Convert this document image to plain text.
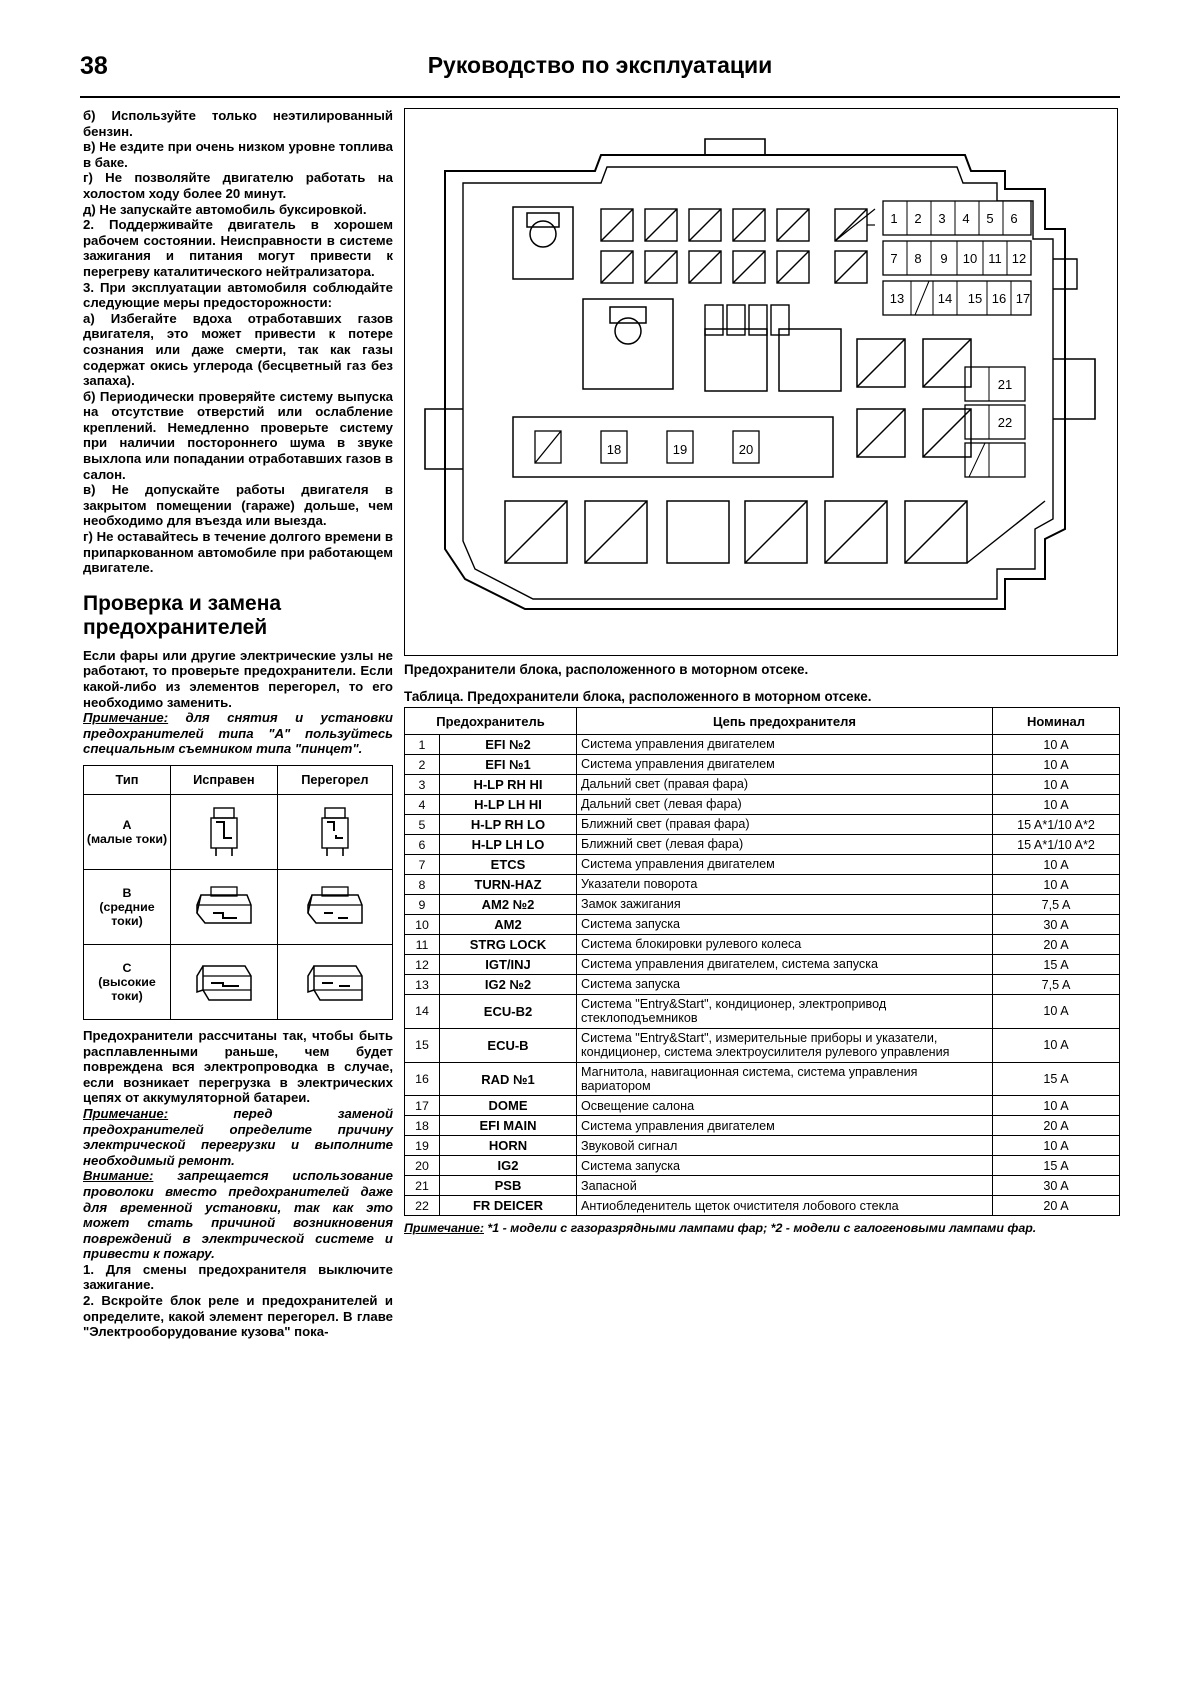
38	Руководство по эксплуатации

б) Используйте только неэтилированный бензин.

в) Не ездите при очень низком уровне топлива в баке.

г) Не позволяйте двигателю работать на холостом ходу более 20 минут.

д) Не запускайте автомобиль буксировкой.

2. Поддерживайте двигатель в хорошем рабочем состоянии. Неисправности в системе зажигания и питания могут привести к перегреву каталитического нейтрализатора.

3. При эксплуатации автомобиля соблюдайте следующие меры предосторожности:

а) Избегайте вдоха отработавших газов двигателя, это может привести к потере сознания или даже смерти, так как газы содержат окись углерода (бесцветный газ без запаха).

б) Периодически проверяйте систему выпуска на отсутствие отверстий или ослабление креплений. Немедленно проверьте систему при наличии постороннего шума в звуке выхлопа или попадании отработавших газов в салон.

в) Не допускайте работы двигателя в закрытом помещении (гараже) дольше, чем необходимо для въезда или выезда.

г) Не оставайтесь в течение долгого времени в припаркованном автомобиле при работающем двигателе.

Проверка и замена предохранителей

Если фары или другие электрические узлы не работают, то проверьте предохранители. Если какой-либо из элементов перегорел, то его необходимо заменить.

Примечание: для снятия и установки предохранителей типа "А" пользуйтесь специальным съемником типа "пинцет".

Тип	Исправен	Перегорел
A
(малые токи)	

B
(средние токи)	

C
(высокие токи)	

Предохранители рассчитаны так, чтобы быть расплавленными раньше, чем будет повреждена вся электропроводка в случае, если возникает перегрузка в электрических цепях от аккумуляторной батареи.

Примечание: перед заменой предохранителей определите причину электрической перегрузки и выполните необходимый ремонт.

Внимание: запрещается использование проволоки вместо предохранителей даже для временной установки, так как это может стать причиной возникновения повреждений в электрической системе и привести к пожару.

1. Для смены предохранителя выключите зажигание.

2. Вскройте блок реле и предохранителей и определите, какой элемент перегорел. В главе "Электрооборудование кузова" пока-

1 2 3 4 5 6
7 8 9 10 11 12
13	14 15 16 17
21
22
18	19	20
Предохранители блока, расположенного в моторном отсеке.
Таблица. Предохранители блока, расположенного в моторном отсеке.
Предохранитель		Цепь предохранителя	Номинал
1	EFI №2	Система управления двигателем	10 A
2	EFI №1	Система управления двигателем	10 A
3	H-LP RH HI	Дальний свет (правая фара)	10 A
4	H-LP LH HI	Дальний свет (левая фара)	10 A
5	H-LP RH LO	Ближний свет (правая фара)	15 A*1/10 A*2
6	H-LP LH LO	Ближний свет (левая фара)	15 A*1/10 A*2
7	ETCS	Система управления двигателем	10 A
8	TURN-HAZ	Указатели поворота	10 A
9	AM2 №2	Замок зажигания	7,5 A
10	AM2	Система запуска	30 A
11	STRG LOCK	Система блокировки рулевого колеса	20 A
12	IGT/INJ	Система управления двигателем, система запуска	15 A
13	IG2 №2	Система запуска	7,5 A
14	ECU-B2	Система "Entry&Start", кондиционер, электропривод стеклоподъемников	10 A
15	ECU-B	Система "Entry&Start", измерительные приборы и указатели, кондиционер, система электроусилителя рулевого управления	10 A
16	RAD №1	Магнитола, навигационная система, система управления вариатором	15 A
17	DOME	Освещение салона	10 A
18	EFI MAIN	Система управления двигателем	20 A
19	HORN	Звуковой сигнал	10 A
20	IG2	Система запуска	15 A
21	PSB	Запасной	30 A
22	FR DEICER	Антиобледенитель щеток очистителя лобового стекла	20 A
Примечание: *1 - модели с газоразрядными лампами фар; *2 - модели с галогеновыми лампами фар.
